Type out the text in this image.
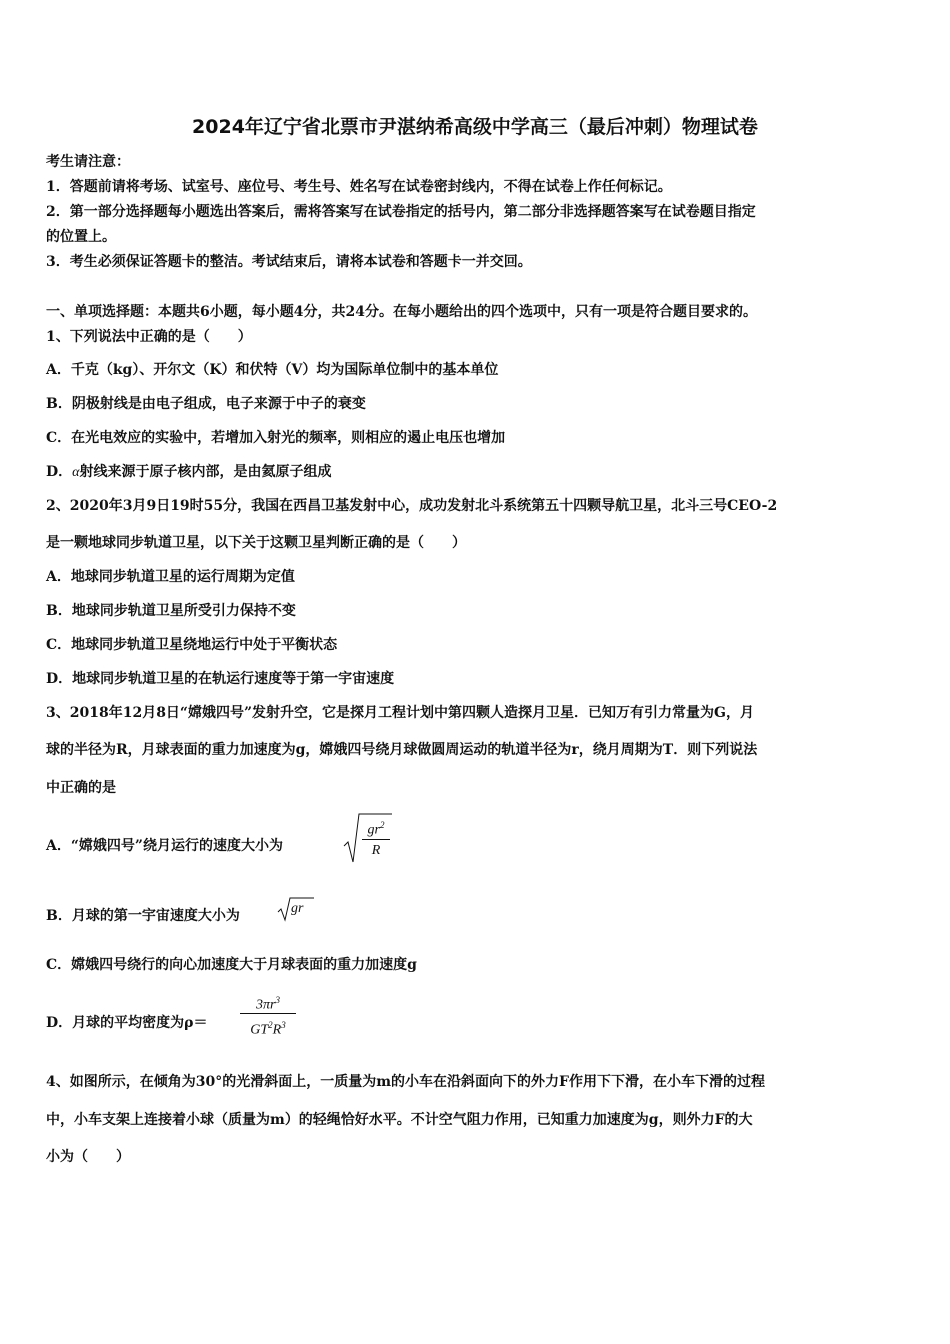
2024年辽宁省北票市尹湛纳希高级中学高三（最后冲刺）物理试卷
考生请注意：
1．答题前请将考场、试室号、座位号、考生号、姓名写在试卷密封线内，不得在试卷上作任何标记。
2．第一部分选择题每小题选出答案后，需将答案写在试卷指定的括号内，第二部分非选择题答案写在试卷题目指定
的位置上。
3．考生必须保证答题卡的整洁。考试结束后，请将本试卷和答题卡一并交回。
一、单项选择题：本题共6小题，每小题4分，共24分。在每小题给出的四个选项中，只有一项是符合题目要求的。
1、下列说法中正确的是（　　）
A．千克（kg）、开尔文（K）和伏特（V）均为国际单位制中的基本单位
B．阴极射线是由电子组成，电子来源于中子的衰变
C．在光电效应的实验中，若增加入射光的频率，则相应的遏止电压也增加
D．α射线来源于原子核内部，是由氦原子组成
2、2020年3月9日19时55分，我国在西昌卫基发射中心，成功发射北斗系统第五十四颗导航卫星，北斗三号CEO-2
是一颗地球同步轨道卫星，以下关于这颗卫星判断正确的是（　　）
A．地球同步轨道卫星的运行周期为定值
B．地球同步轨道卫星所受引力保持不变
C．地球同步轨道卫星绕地运行中处于平衡状态
D．地球同步轨道卫星的在轨运行速度等于第一宇宙速度
3、2018年12月8日“嫦娥四号”发射升空，它是探月工程计划中第四颗人造探月卫星．已知万有引力常量为G，月
球的半径为R，月球表面的重力加速度为g，嫦娥四号绕月球做圆周运动的轨道半径为r，绕月周期为T．则下列说法
中正确的是
A．“嫦娥四号”绕月运行的速度大小为
$gr^2$
R
B．月球的第一宇宙速度大小为	gr
C．嫦娥四号绕行的向心加速度大于月球表面的重力加速度g
D．月球的平均密度为ρ＝
$3\pi r^3$
$GT^2R^3$
4、如图所示，在倾角为30°的光滑斜面上，一质量为m的小车在沿斜面向下的外力F作用下下滑，在小车下滑的过程
中，小车支架上连接着小球（质量为m）的轻绳恰好水平。不计空气阻力作用，已知重力加速度为g，则外力F的大
小为（　　）
